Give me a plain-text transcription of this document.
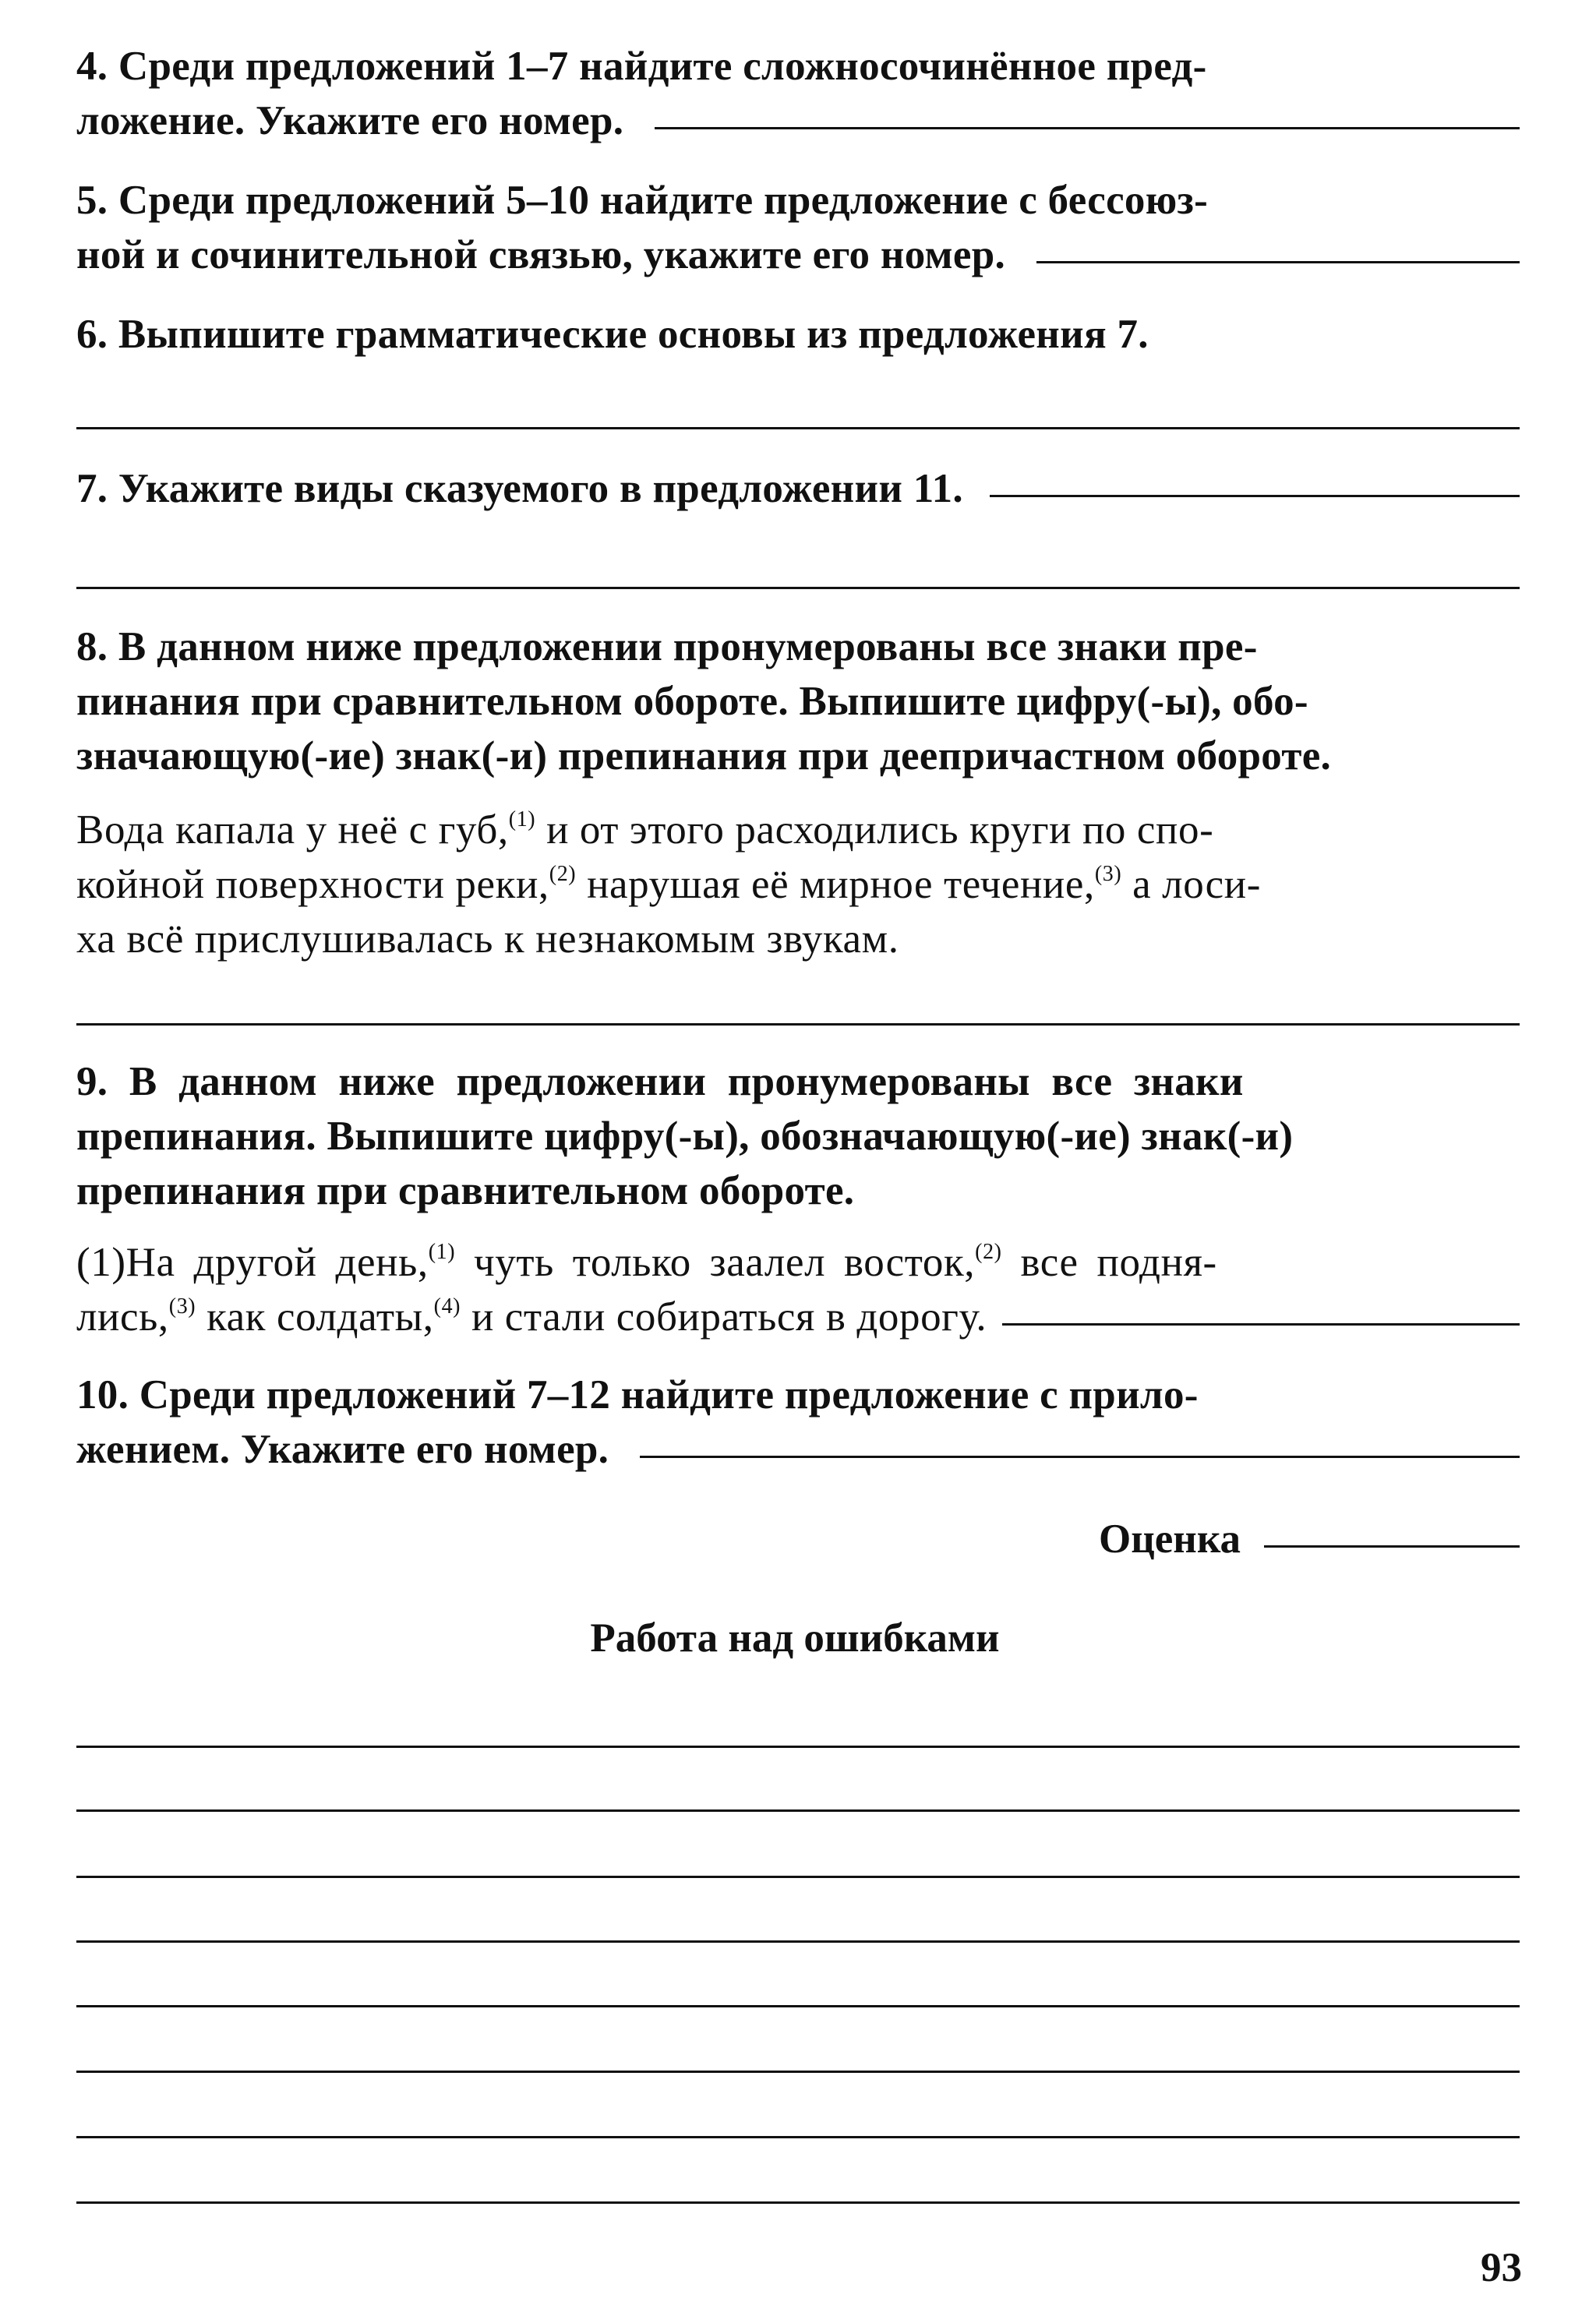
4. Среди предложений 1–7 найдите сложносочинённое пред-

ложение. Укажите его номер.

5. Среди предложений 5–10 найдите предложение с бессоюз-

ной и сочинительной связью, укажите его номер.

6. Выпишите грамматические основы из предложения 7.

7. Укажите виды сказуемого в предложении 11.

8. В данном ниже предложении пронумерованы все знаки пре-

пинания при сравнительном обороте. Выпишите цифру(-ы), обо-

значающую(-ие) знак(-и) препинания при деепричастном обороте.

Вода капала у неё с губ,$^{(1)}$ и от этого расходились круги по спо-

койной поверхности реки,$^{(2)}$ нарушая её мирное течение,$^{(3)}$ а лоси-

ха всё прислушивалась к незнакомым звукам.

9. В данном ниже предложении пронумерованы все знаки

препинания. Выпишите цифру(-ы), обозначающую(-ие) знак(-и)

препинания при сравнительном обороте.

(1)На другой день,$^{(1)}$ чуть только заалел восток,$^{(2)}$ все подня-

лись,$^{(3)}$ как солдаты,$^{(4)}$ и стали собираться в дорогу.

10. Среди предложений 7–12 найдите предложение с прило-

жением. Укажите его номер.
Оценка
Работа над ошибками
93
